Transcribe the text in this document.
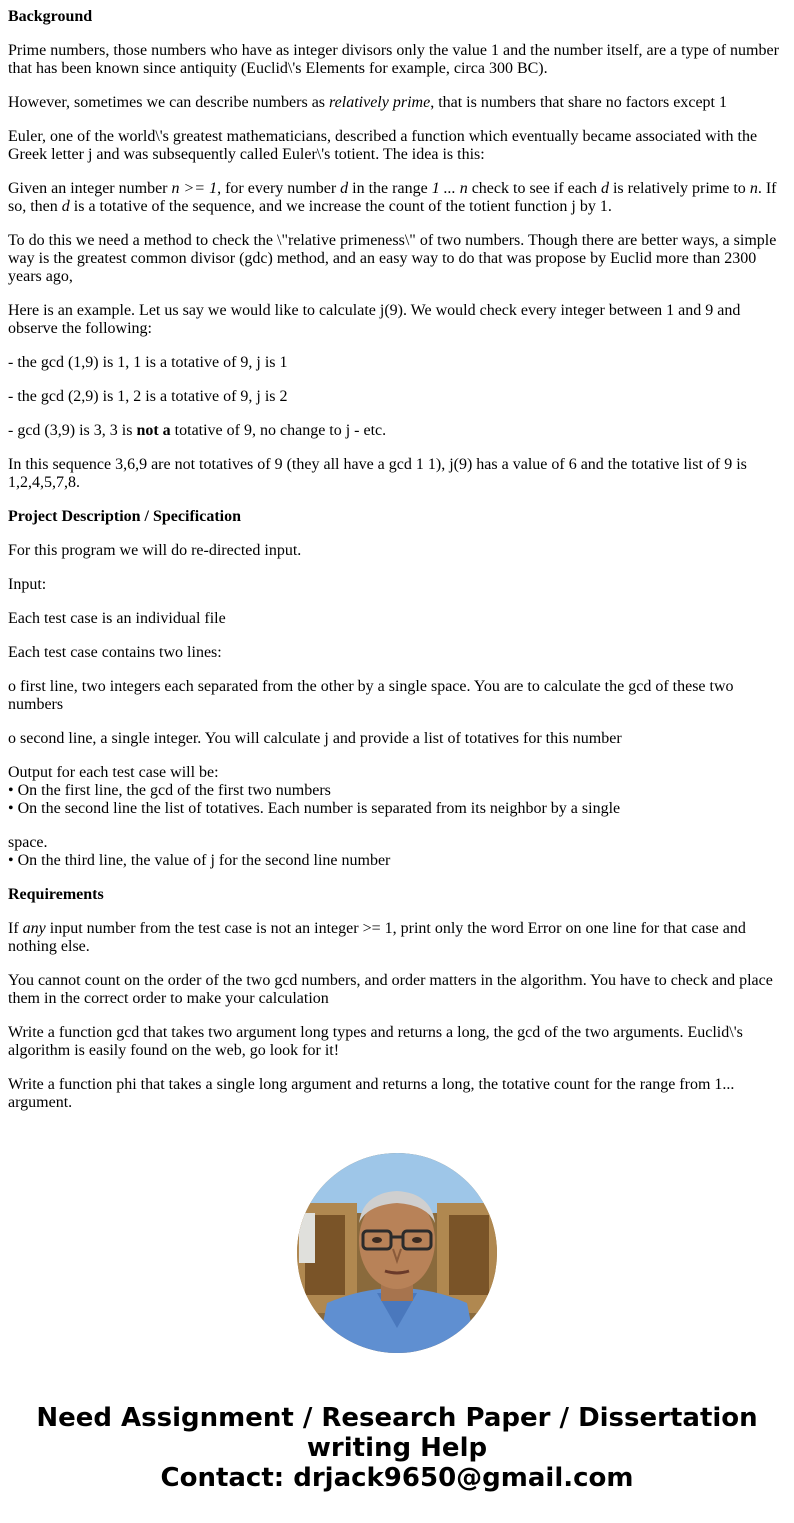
Background

Prime numbers, those numbers who have as integer divisors only the value 1 and the number itself, are a type of number that has been known since antiquity (Euclid\'s Elements for example, circa 300 BC).

However, sometimes we can describe numbers as relatively prime, that is numbers that share no factors except 1

Euler, one of the world\'s greatest mathematicians, described a function which eventually became associated with the Greek letter j and was subsequently called Euler\'s totient. The idea is this:

Given an integer number n >= 1, for every number d in the range 1 ... n check to see if each d is relatively prime to n. If so, then d is a totative of the sequence, and we increase the count of the totient function j by 1.

To do this we need a method to check the \"relative primeness\" of two numbers. Though there are better ways, a simple way is the greatest common divisor (gdc) method, and an easy way to do that was propose by Euclid more than 2300 years ago,

Here is an example. Let us say we would like to calculate j(9). We would check every integer between 1 and 9 and observe the following:

- the gcd (1,9) is 1, 1 is a totative of 9, j is 1

- the gcd (2,9) is 1, 2 is a totative of 9, j is 2

- gcd (3,9) is 3, 3 is not a totative of 9, no change to j - etc.

In this sequence 3,6,9 are not totatives of 9 (they all have a gcd 1 1), j(9) has a value of 6 and the totative list of 9 is 1,2,4,5,7,8.

Project Description / Specification

For this program we will do re-directed input.

Input:

Each test case is an individual file

Each test case contains two lines:

o first line, two integers each separated from the other by a single space. You are to calculate the gcd of these two numbers

o second line, a single integer. You will calculate j and provide a list of totatives for this number

Output for each test case will be:

• On the first line, the gcd of the first two numbers

• On the second line the list of totatives. Each number is separated from its neighbor by a single

space.

• On the third line, the value of j for the second line number

Requirements

If any input number from the test case is not an integer >= 1, print only the word Error on one line for that case and nothing else.

You cannot count on the order of the two gcd numbers, and order matters in the algorithm. You have to check and place them in the correct order to make your calculation

Write a function gcd that takes two argument long types and returns a long, the gcd of the two arguments. Euclid\'s algorithm is easily found on the web, go look for it!

Write a function phi that takes a single long argument and returns a long, the totative count for the range from 1... argument.

Need Assignment / Research Paper / Dissertation
writing Help
Contact: drjack9650@gmail.com
